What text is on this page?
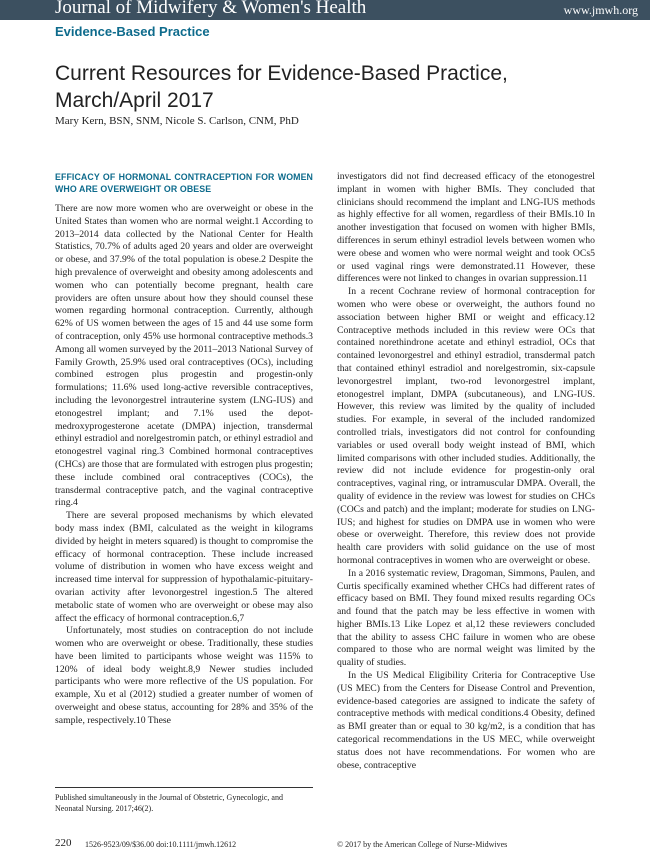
Journal of Midwifery & Women's Health	www.jmwh.org
Evidence-Based Practice
Current Resources for Evidence-Based Practice, March/April 2017
Mary Kern, BSN, SNM, Nicole S. Carlson, CNM, PhD
EFFICACY OF HORMONAL CONTRACEPTION FOR WOMEN WHO ARE OVERWEIGHT OR OBESE

There are now more women who are overweight or obese in the United States than women who are normal weight.1 According to 2013–2014 data collected by the National Center for Health Statistics, 70.7% of adults aged 20 years and older are overweight or obese, and 37.9% of the total population is obese.2 Despite the high prevalence of overweight and obesity among adolescents and women who can potentially become pregnant, health care providers are often unsure about how they should counsel these women regarding hormonal contraception. Currently, although 62% of US women between the ages of 15 and 44 use some form of contraception, only 45% use hormonal contraceptive methods.3 Among all women surveyed by the 2011–2013 National Survey of Family Growth, 25.9% used oral contraceptives (OCs), including combined estrogen plus progestin and progestin-only formulations; 11.6% used long-active reversible contraceptives, including the levonorgestrel intrauterine system (LNG-IUS) and etonogestrel implant; and 7.1% used the depot-medroxyprogesterone acetate (DMPA) injection, transdermal ethinyl estradiol and norelgestromin patch, or ethinyl estradiol and etonogestrel vaginal ring.3 Combined hormonal contraceptives (CHCs) are those that are formulated with estrogen plus progestin; these include combined oral contraceptives (COCs), the transdermal contraceptive patch, and the vaginal contraceptive ring.4

There are several proposed mechanisms by which elevated body mass index (BMI, calculated as the weight in kilograms divided by height in meters squared) is thought to compromise the efficacy of hormonal contraception. These include increased volume of distribution in women who have excess weight and increased time interval for suppression of hypothalamic-pituitary-ovarian activity after levonorgestrel ingestion.5 The altered metabolic state of women who are overweight or obese may also affect the efficacy of hormonal contraception.6,7

Unfortunately, most studies on contraception do not include women who are overweight or obese. Traditionally, these studies have been limited to participants whose weight was 115% to 120% of ideal body weight.8,9 Newer studies included participants who were more reflective of the US population. For example, Xu et al (2012) studied a greater number of women of overweight and obese status, accounting for 28% and 35% of the sample, respectively.10 These

investigators did not find decreased efficacy of the etonogestrel implant in women with higher BMIs. They concluded that clinicians should recommend the implant and LNG-IUS methods as highly effective for all women, regardless of their BMIs.10 In another investigation that focused on women with higher BMIs, differences in serum ethinyl estradiol levels between women who were obese and women who were normal weight and took OCs5 or used vaginal rings were demonstrated.11 However, these differences were not linked to changes in ovarian suppression.11

In a recent Cochrane review of hormonal contraception for women who were obese or overweight, the authors found no association between higher BMI or weight and efficacy.12 Contraceptive methods included in this review were OCs that contained norethindrone acetate and ethinyl estradiol, OCs that contained levonorgestrel and ethinyl estradiol, transdermal patch that contained ethinyl estradiol and norelgestromin, six-capsule levonorgestrel implant, two-rod levonorgestrel implant, etonogestrel implant, DMPA (subcutaneous), and LNG-IUS. However, this review was limited by the quality of included studies. For example, in several of the included randomized controlled trials, investigators did not control for confounding variables or used overall body weight instead of BMI, which limited comparisons with other included studies. Additionally, the review did not include evidence for progestin-only oral contraceptives, vaginal ring, or intramuscular DMPA. Overall, the quality of evidence in the review was lowest for studies on CHCs (COCs and patch) and the implant; moderate for studies on LNG-IUS; and highest for studies on DMPA use in women who were obese or overweight. Therefore, this review does not provide health care providers with solid guidance on the use of most hormonal contraceptives in women who are overweight or obese.

In a 2016 systematic review, Dragoman, Simmons, Paulen, and Curtis specifically examined whether CHCs had different rates of efficacy based on BMI. They found mixed results regarding OCs and found that the patch may be less effective in women with higher BMIs.13 Like Lopez et al,12 these reviewers concluded that the ability to assess CHC failure in women who are obese compared to those who are normal weight was limited by the quality of studies.

In the US Medical Eligibility Criteria for Contraceptive Use (US MEC) from the Centers for Disease Control and Prevention, evidence-based categories are assigned to indicate the safety of contraceptive methods with medical conditions.4 Obesity, defined as BMI greater than or equal to 30 kg/m2, is a condition that has categorical recommendations in the US MEC, while overweight status does not have recommendations. For women who are obese, contraceptive

Published simultaneously in the Journal of Obstetric, Gynecologic, and Neonatal Nursing. 2017;46(2).
220 1526-9523/09/$36.00 doi:10.1111/jmwh.12612	© 2017 by the American College of Nurse-Midwives
